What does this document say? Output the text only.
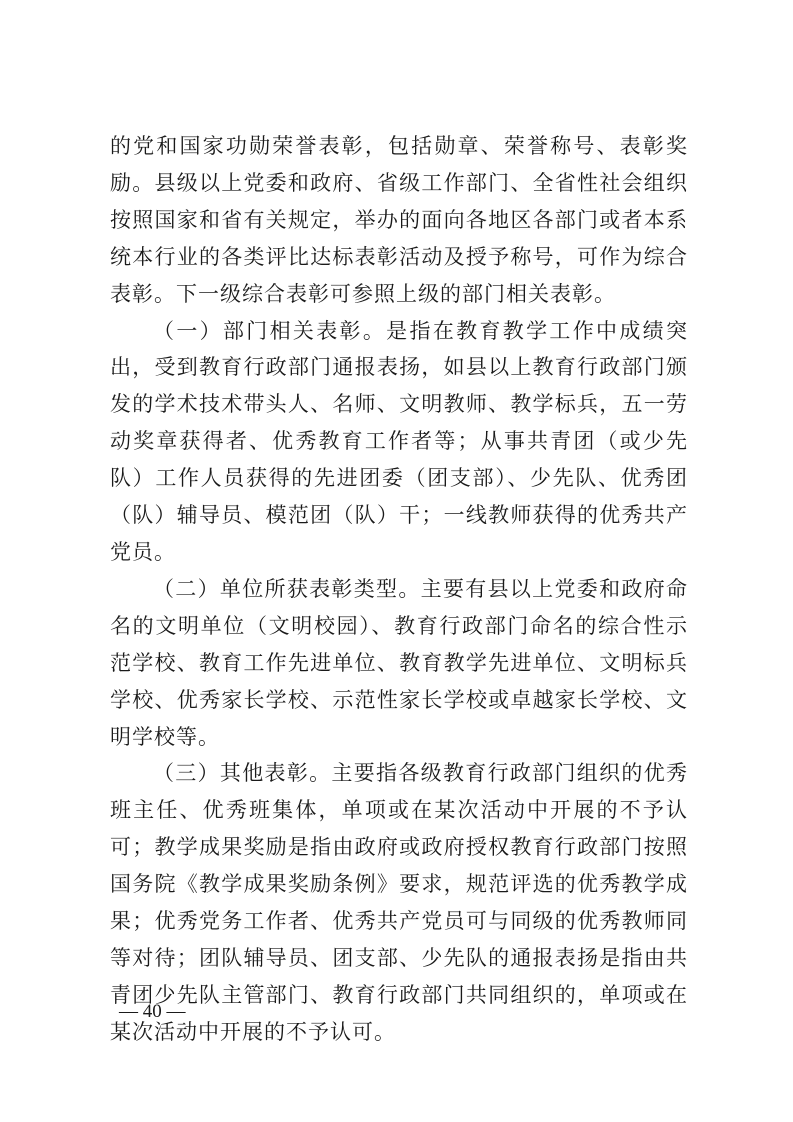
的党和国家功勋荣誉表彰，包括勋章、荣誉称号、表彰奖励。县级以上党委和政府、省级工作部门、全省性社会组织按照国家和省有关规定，举办的面向各地区各部门或者本系统本行业的各类评比达标表彰活动及授予称号，可作为综合表彰。下一级综合表彰可参照上级的部门相关表彰。

（一）部门相关表彰。是指在教育教学工作中成绩突出，受到教育行政部门通报表扬，如县以上教育行政部门颁发的学术技术带头人、名师、文明教师、教学标兵，五一劳动奖章获得者、优秀教育工作者等；从事共青团（或少先队）工作人员获得的先进团委（团支部）、少先队、优秀团（队）辅导员、模范团（队）干；一线教师获得的优秀共产党员。

（二）单位所获表彰类型。主要有县以上党委和政府命名的文明单位（文明校园）、教育行政部门命名的综合性示范学校、教育工作先进单位、教育教学先进单位、文明标兵学校、优秀家长学校、示范性家长学校或卓越家长学校、文明学校等。

（三）其他表彰。主要指各级教育行政部门组织的优秀班主任、优秀班集体，单项或在某次活动中开展的不予认可；教学成果奖励是指由政府或政府授权教育行政部门按照国务院《教学成果奖励条例》要求，规范评选的优秀教学成果；优秀党务工作者、优秀共产党员可与同级的优秀教师同等对待；团队辅导员、团支部、少先队的通报表扬是指由共青团少先队主管部门、教育行政部门共同组织的，单项或在某次活动中开展的不予认可。

— 40 —
